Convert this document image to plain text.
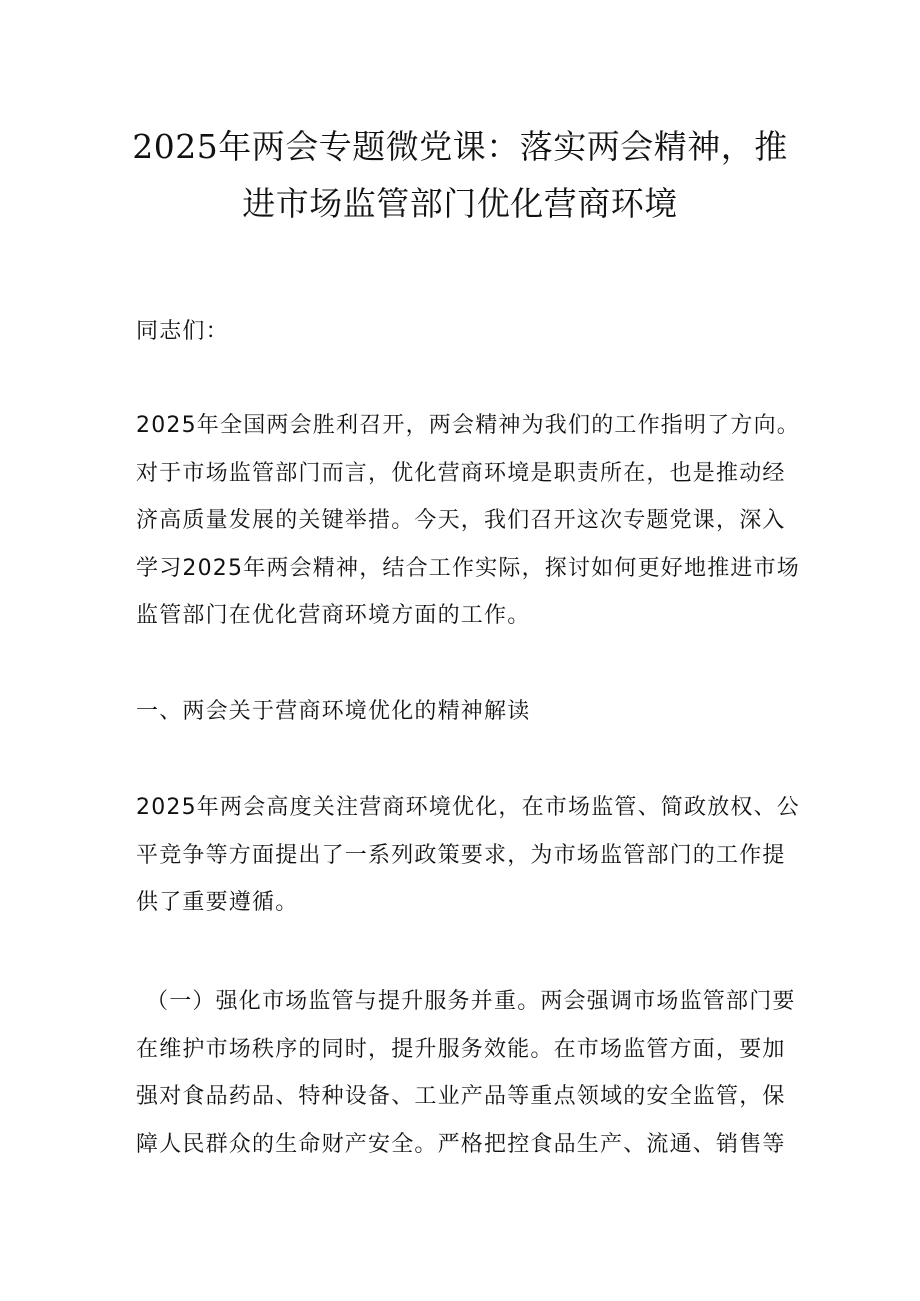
2025年两会专题微党课：落实两会精神，推
进市场监管部门优化营商环境

同志们：

2025年全国两会胜利召开，两会精神为我们的工作指明了方向。
对于市场监管部门而言，优化营商环境是职责所在，也是推动经
济高质量发展的关键举措。今天，我们召开这次专题党课，深入
学习2025年两会精神，结合工作实际，探讨如何更好地推进市场
监管部门在优化营商环境方面的工作。

一、两会关于营商环境优化的精神解读

2025年两会高度关注营商环境优化，在市场监管、简政放权、公
平竞争等方面提出了一系列政策要求，为市场监管部门的工作提
供了重要遵循。

（一）强化市场监管与提升服务并重。两会强调市场监管部门要
在维护市场秩序的同时，提升服务效能。在市场监管方面，要加
强对食品药品、特种设备、工业产品等重点领域的安全监管，保
障人民群众的生命财产安全。严格把控食品生产、流通、销售等
